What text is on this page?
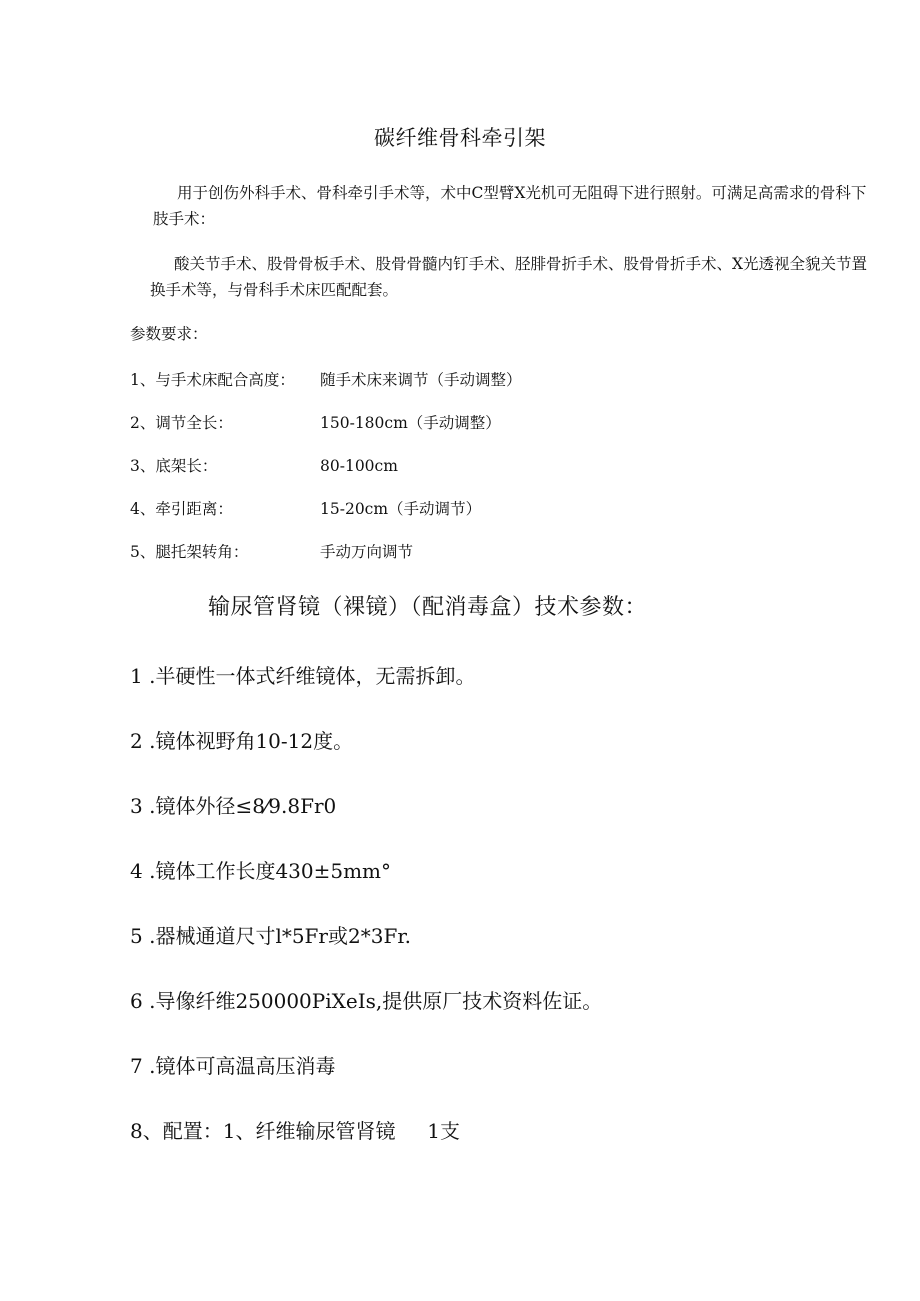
碳纤维骨科牵引架
用于创伤外科手术、骨科牵引手术等，术中C型臂X光机可无阻碍下进行照射。可满足高需求的骨科下肢手术：
酸关节手术、股骨骨板手术、股骨骨髓内钉手术、胫腓骨折手术、股骨骨折手术、X光透视全貌关节置换手术等，与骨科手术床匹配配套。
参数要求：
1、与手术床配合高度： 随手术床来调节（手动调整）
2、调节全长：	150-180cm（手动调整）
3、底架长：	80-100cm
4、牵引距离：	15-20cm（手动调节）
5、腿托架转角：	手动万向调节
输尿管肾镜（裸镜）（配消毒盒）技术参数：
1 .半硬性一体式纤维镜体，无需拆卸。
2 .镜体视野角10-12度。
3 .镜体外径≤8⁄9.8Fr0
4 .镜体工作长度430±5mm°
5 .器械通道尺寸l*5Fr或2*3Fr.
6 .导像纤维250000PiXeIs,提供原厂技术资料佐证。
7 .镜体可高温高压消毒
8、配置：1、纤维输尿管肾镜     1支
